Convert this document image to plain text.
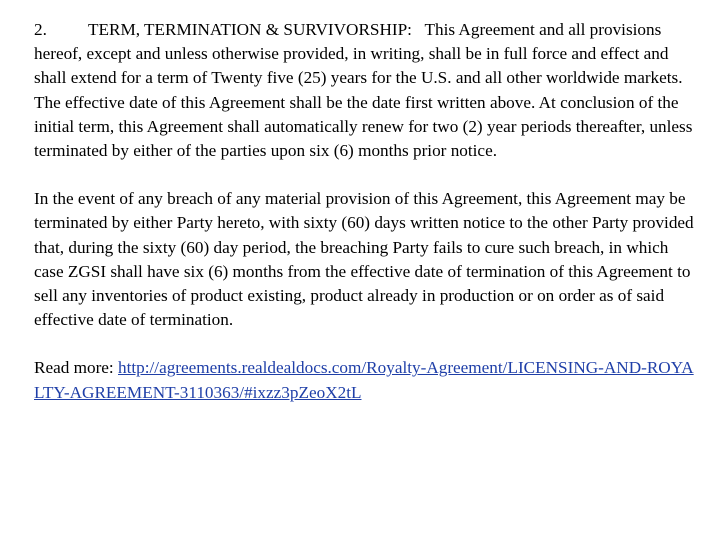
2. TERM, TERMINATION & SURVIVORSHIP: This Agreement and all provisions hereof, except and unless otherwise provided, in writing, shall be in full force and effect and shall extend for a term of Twenty five (25) years for the U.S. and all other worldwide markets. The effective date of this Agreement shall be the date first written above. At conclusion of the initial term, this Agreement shall automatically renew for two (2) year periods thereafter, unless terminated by either of the parties upon six (6) months prior notice.

In the event of any breach of any material provision of this Agreement, this Agreement may be terminated by either Party hereto, with sixty (60) days written notice to the other Party provided that, during the sixty (60) day period, the breaching Party fails to cure such breach, in which case ZGSI shall have six (6) months from the effective date of termination of this Agreement to sell any inventories of product existing, product already in production or on order as of said effective date of termination.

Read more: http://agreements.realdealdocs.com/Royalty-Agreement/LICENSING-AND-ROYALTY-AGREEMENT-3110363/#ixzz3pZeoX2tL
